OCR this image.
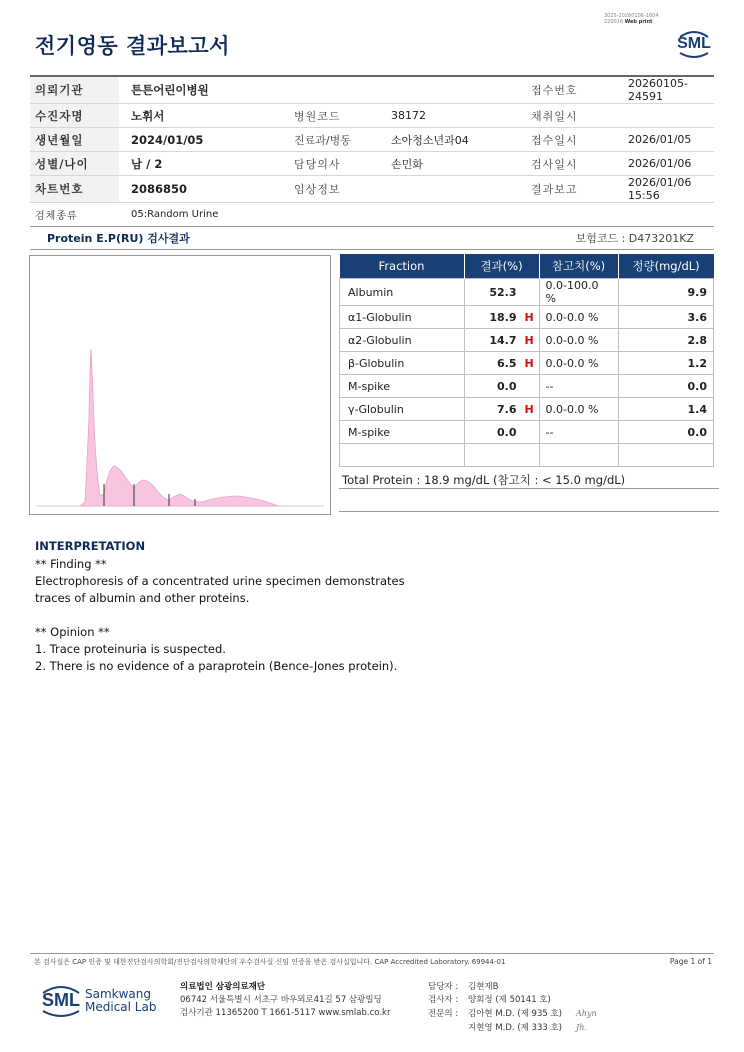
3025-20260106-1604
220016 Web print
전기영동 결과보고서	SML
의뢰기관	튼튼어린이병원			접수번호	20260105-24591
수진자명	노휘서	병원코드	38172	채취일시	
생년월일	2024/01/05	진료과/병동	소아청소년과04	접수일시	2026/01/05
성별/나이	남 / 2	담당의사	손민화	검사일시	2026/01/06
차트번호	2086850	임상정보		결과보고	2026/01/06 15:56
검체종류	05:Random Urine				
Protein E.P(RU) 검사결과	보험코드 : D473201KZ
Fraction	결과(%)	참고치(%)	정량(mg/dL)
Albumin	52.3	0.0-100.0 %	9.9
α1-Globulin	18.9 H	0.0-0.0 %	3.6
α2-Globulin	14.7 H	0.0-0.0 %	2.8
β-Globulin	6.5 H	0.0-0.0 %	1.2
M-spike	0.0	--	0.0
γ-Globulin	7.6 H	0.0-0.0 %	1.4
M-spike	0.0	--	0.0

Total Protein : 18.9 mg/dL (참고치 : < 15.0 mg/dL)
INTERPRETATION
** Finding **
Electrophoresis of a concentrated urine specimen demonstrates
traces of albumin and other proteins.
** Opinion **
1. Trace proteinuria is suspected.
2. There is no evidence of a paraprotein (Bence-Jones protein).
본 검사실은 CAP 인증 및 대한진단검사의학회/진단검사의학재단의 우수검사실 신임 인증을 받은 검사실입니다. CAP Accredited Laboratory. 69944-01	Page 1 of 1
SML Samkwang
Medical Lab
의료법인 삼광의료재단
06742 서울특별시 서초구 바우뫼로41길 57 삼광빌딩
검사기관 11365200 T 1661-5117 www.smlab.co.kr
담당자 : 김현재B
검사자 : 양회정 (제 50141 호)
전문의 : 김아현 M.D. (제 935 호) Ahyn
지현영 M.D. (제 333 호) Jh.
